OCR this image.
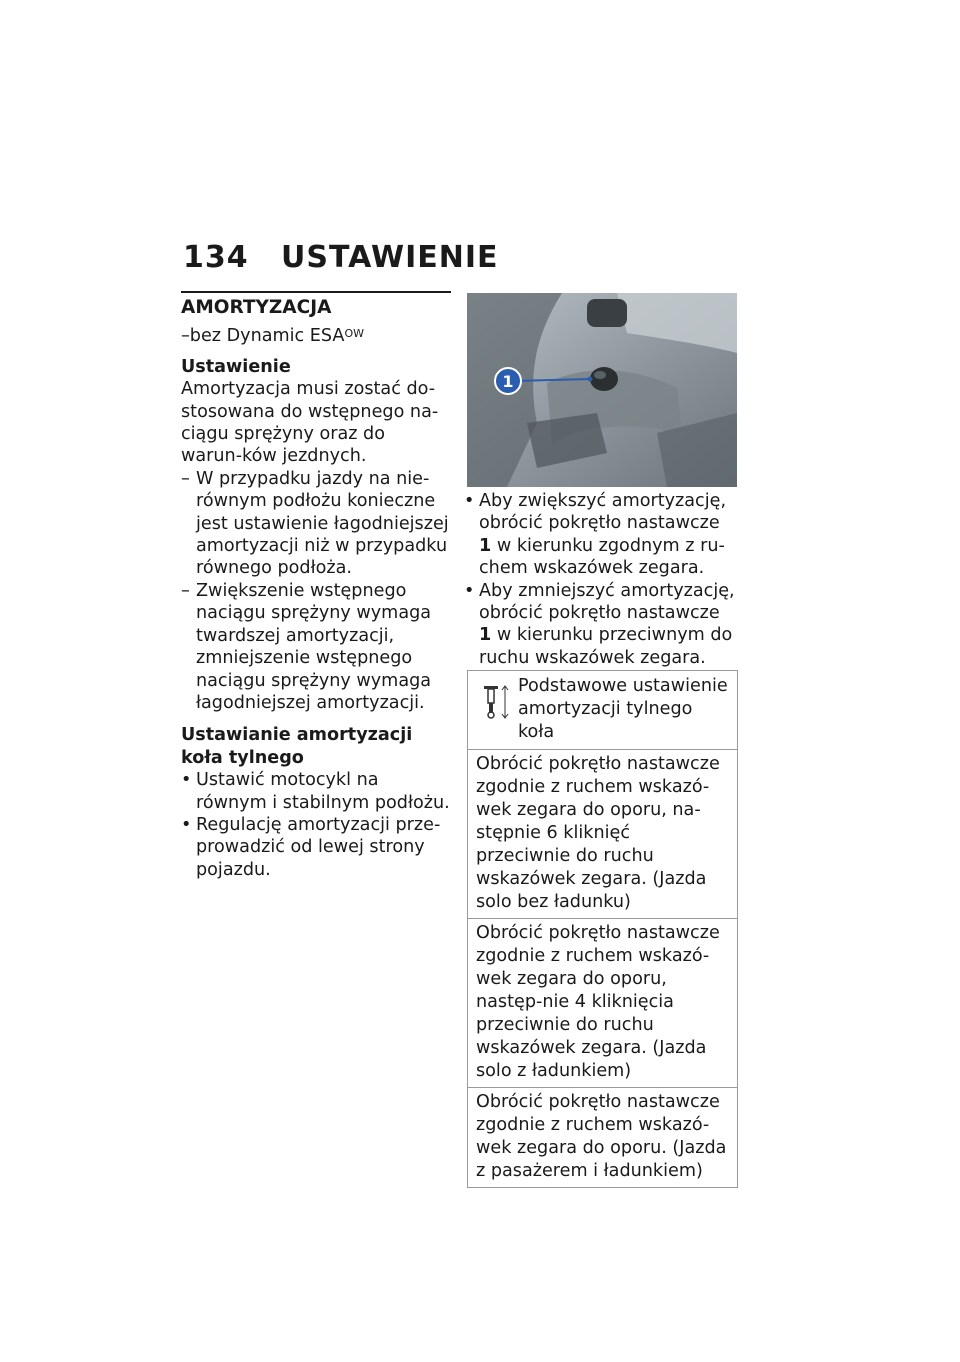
134 USTAWIENIE
AMORTYZACJA
–bez Dynamic $ESA^{OW}$
Ustawienie

Amortyzacja musi zostać do-stosowana do wstępnego na-ciągu sprężyny oraz do warun-ków jezdnych.

– W przypadku jazdy na nie-równym podłożu konieczne jest ustawienie łagodniejszej amortyzacji niż w przypadku równego podłoża.
– Zwiększenie wstępnego naciągu sprężyny wymaga twardszej amortyzacji, zmniejszenie wstępnego naciągu sprężyny wymaga łagodniejszej amortyzacji.
Ustawianie amortyzacji koła tylnego
• Ustawić motocykl na równym i stabilnym podłożu.
• Regulację amortyzacji prze-prowadzić od lewej strony pojazdu.
1
• Aby zwiększyć amortyzację, obrócić pokrętło nastawcze 1 w kierunku zgodnym z ru-chem wskazówek zegara.
• Aby zmniejszyć amortyzację, obrócić pokrętło nastawcze 1 w kierunku przeciwnym do ruchu wskazówek zegara.
Podstawowe ustawienie amortyzacji tylnego koła
Obrócić pokrętło nastawcze zgodnie z ruchem wskazó-wek zegara do oporu, na-stępnie 6 kliknięć przeciwnie do ruchu wskazówek zegara. (Jazda solo bez ładunku)
Obrócić pokrętło nastawcze zgodnie z ruchem wskazó-wek zegara do oporu, następ-nie 4 kliknięcia przeciwnie do ruchu wskazówek zegara. (Jazda solo z ładunkiem)
Obrócić pokrętło nastawcze zgodnie z ruchem wskazó-wek zegara do oporu. (Jazda z pasażerem i ładunkiem)
